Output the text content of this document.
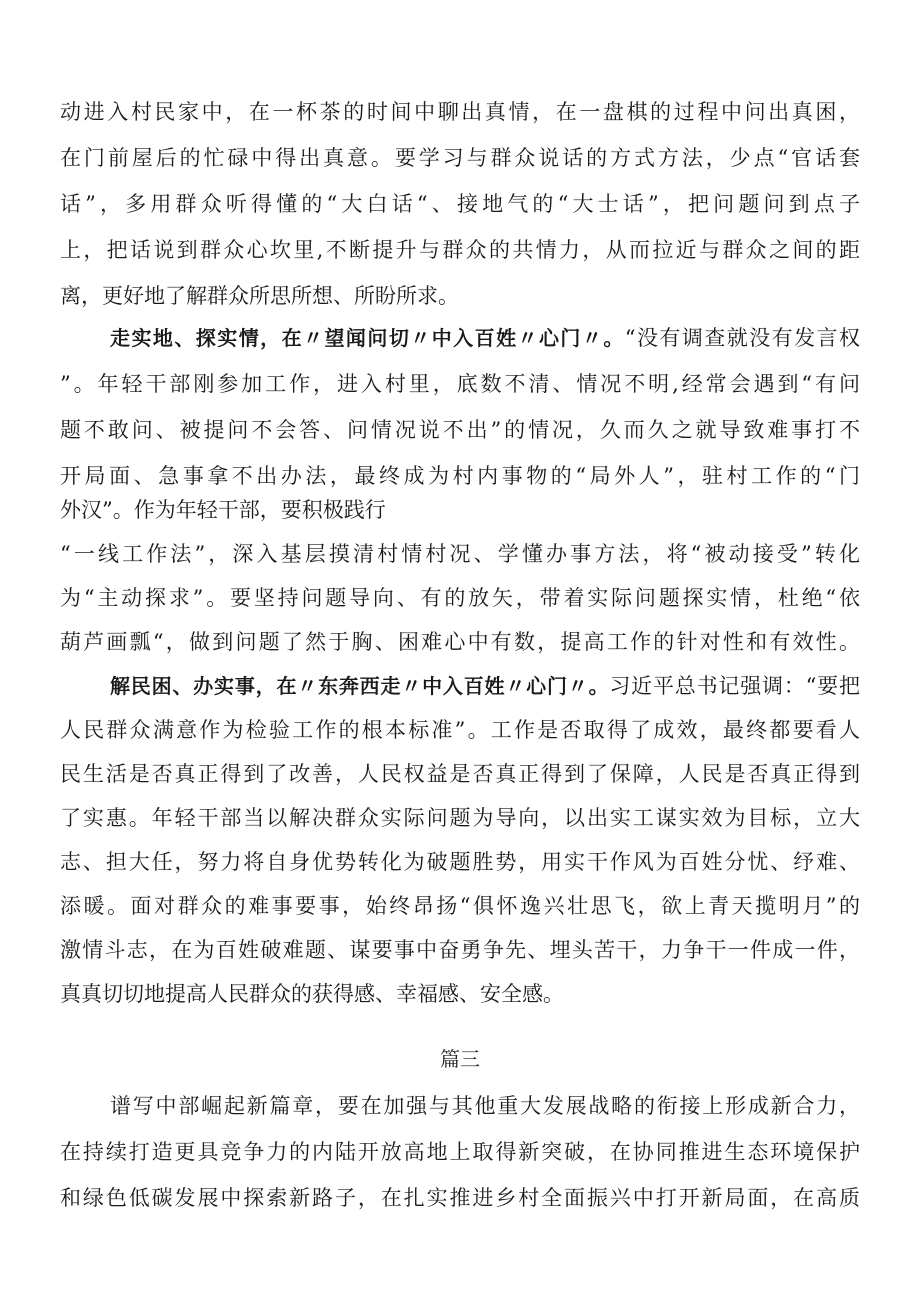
动进入村民家中，在一杯茶的时间中聊出真情，在一盘棋的过程中问出真困，
在门前屋后的忙碌中得出真意。要学习与群众说话的方式方法，少点“官话套
话”，多用群众听得懂的“大白话“、接地气的“大士话”，把问题问到点子
上，把话说到群众心坎里,不断提升与群众的共情力，从而拉近与群众之间的距
离，更好地了解群众所思所想、所盼所求。
走实地、探实情，在〃望闻问切〃中入百姓〃心门〃。“没有调查就没有发言权
”。年轻干部刚参加工作，进入村里，底数不清、情况不明,经常会遇到“有问
题不敢问、被提问不会答、问情况说不出”的情况，久而久之就导致难事打不
开局面、急事拿不出办法，最终成为村内事物的“局外人”，驻村工作的“门
外汉”。作为年轻干部，要积极践行
“一线工作法”，深入基层摸清村情村况、学懂办事方法，将“被动接受”转化
为“主动探求”。要坚持问题导向、有的放矢，带着实际问题探实情，杜绝“依
葫芦画瓢“，做到问题了然于胸、困难心中有数，提高工作的针对性和有效性。
解民困、办实事，在〃东奔西走〃中入百姓〃心门〃。习近平总书记强调：“要把
人民群众满意作为检验工作的根本标准”。工作是否取得了成效，最终都要看人
民生活是否真正得到了改善，人民权益是否真正得到了保障，人民是否真正得到
了实惠。年轻干部当以解决群众实际问题为导向，以出实工谋实效为目标，立大
志、担大任，努力将自身优势转化为破题胜势，用实干作风为百姓分忧、纾难、
添暖。面对群众的难事要事，始终昂扬“俱怀逸兴壮思飞，欲上青天揽明月”的
激情斗志，在为百姓破难题、谋要事中奋勇争先、埋头苦干，力争干一件成一件，
真真切切地提高人民群众的获得感、幸福感、安全感。
篇三
谱写中部崛起新篇章，要在加强与其他重大发展战略的衔接上形成新合力，
在持续打造更具竞争力的内陆开放高地上取得新突破，在协同推进生态环境保护
和绿色低碳发展中探索新路子，在扎实推进乡村全面振兴中打开新局面，在高质
